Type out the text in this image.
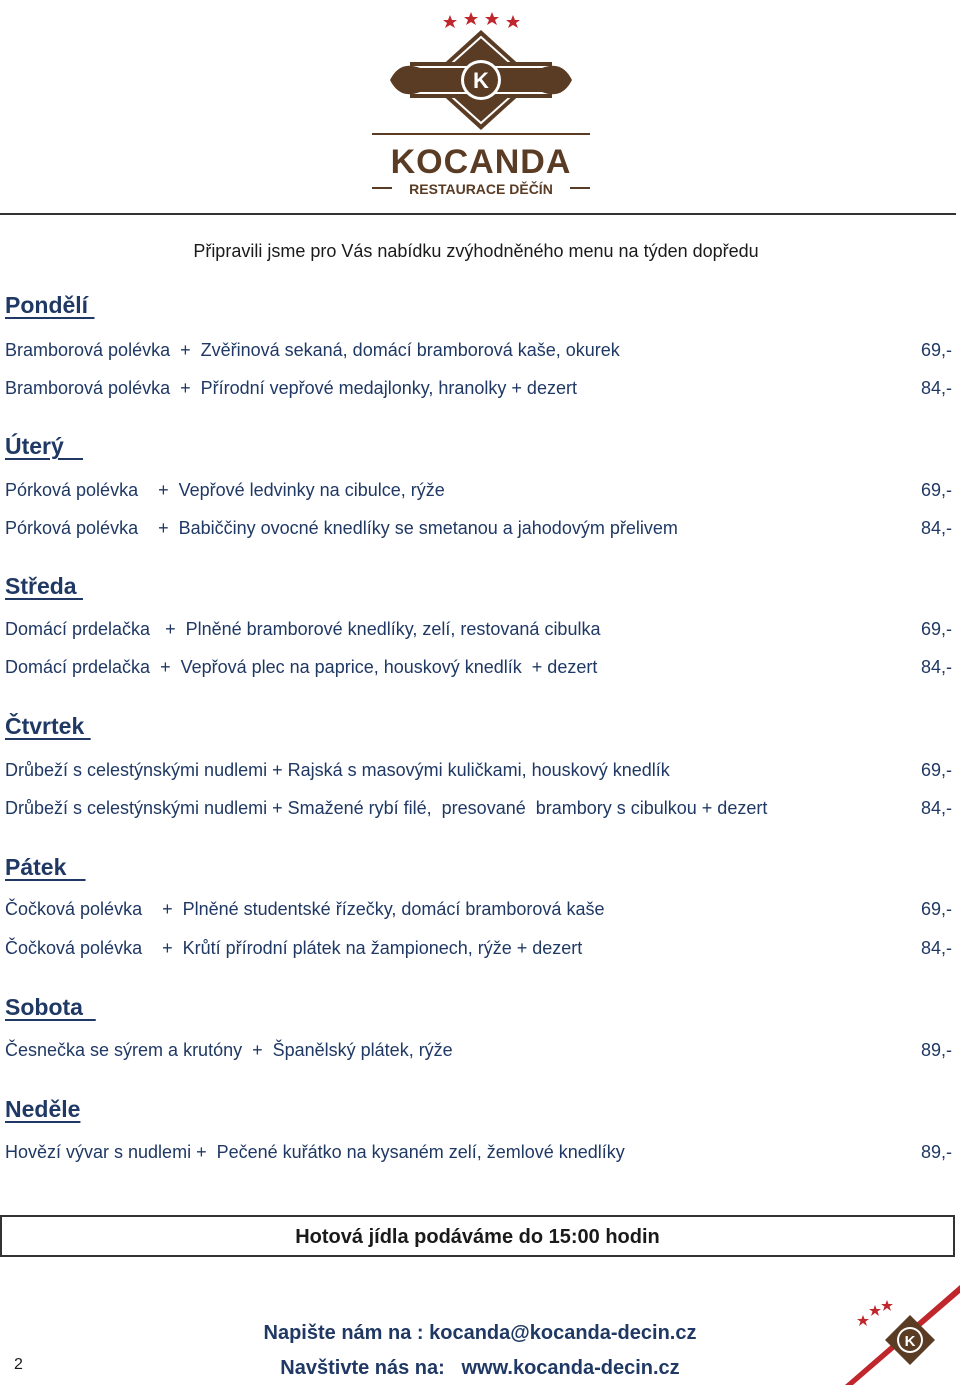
K
KOCANDA
RESTAURACE DĚČÍN
Připravili jsme pro Vás nabídku zvýhodněného menu na týden dopředu
Pondělí

Bramborová polévka  +  Zvěřinová sekaná, domácí bramborová kaše, okurek

	69,-

Bramborová polévka  +  Přírodní vepřové medajlonky, hranolky + dezert

	84,-

Úterý

Pórková polévka    +  Vepřové ledvinky na cibulce, rýže

	69,-

Pórková polévka    +  Babiččiny ovocné knedlíky se smetanou a jahodovým přelivem

	84,-

Středa

Domácí prdelačka   +  Plněné bramborové knedlíky, zelí, restovaná cibulka

	69,-

Domácí prdelačka  +  Vepřová plec na paprice, houskový knedlík  + dezert

	84,-

Čtvrtek

Drůbeží s celestýnskými nudlemi + Rajská s masovými kuličkami, houskový knedlík

	69,-

Drůbeží s celestýnskými nudlemi + Smažené rybí filé,  presované  brambory s cibulkou + dezert

	84,-

Pátek

Čočková polévka    +  Plněné studentské řízečky, domácí bramborová kaše

	69,-

Čočková polévka    +  Krůtí přírodní plátek na žampionech, rýže + dezert

	84,-

Sobota

Česnečka se sýrem a krutóny  +  Španělský plátek, rýže

	89,-

Neděle

Hovězí vývar s nudlemi +  Pečené kuřátko na kysaném zelí, žemlové knedlíky

	89,-

Hotová jídla podáváme do 15:00 hodin
Napište nám na : kocanda@kocanda-decin.cz
Navštivte nás na:   www.kocanda-decin.cz
2
K
